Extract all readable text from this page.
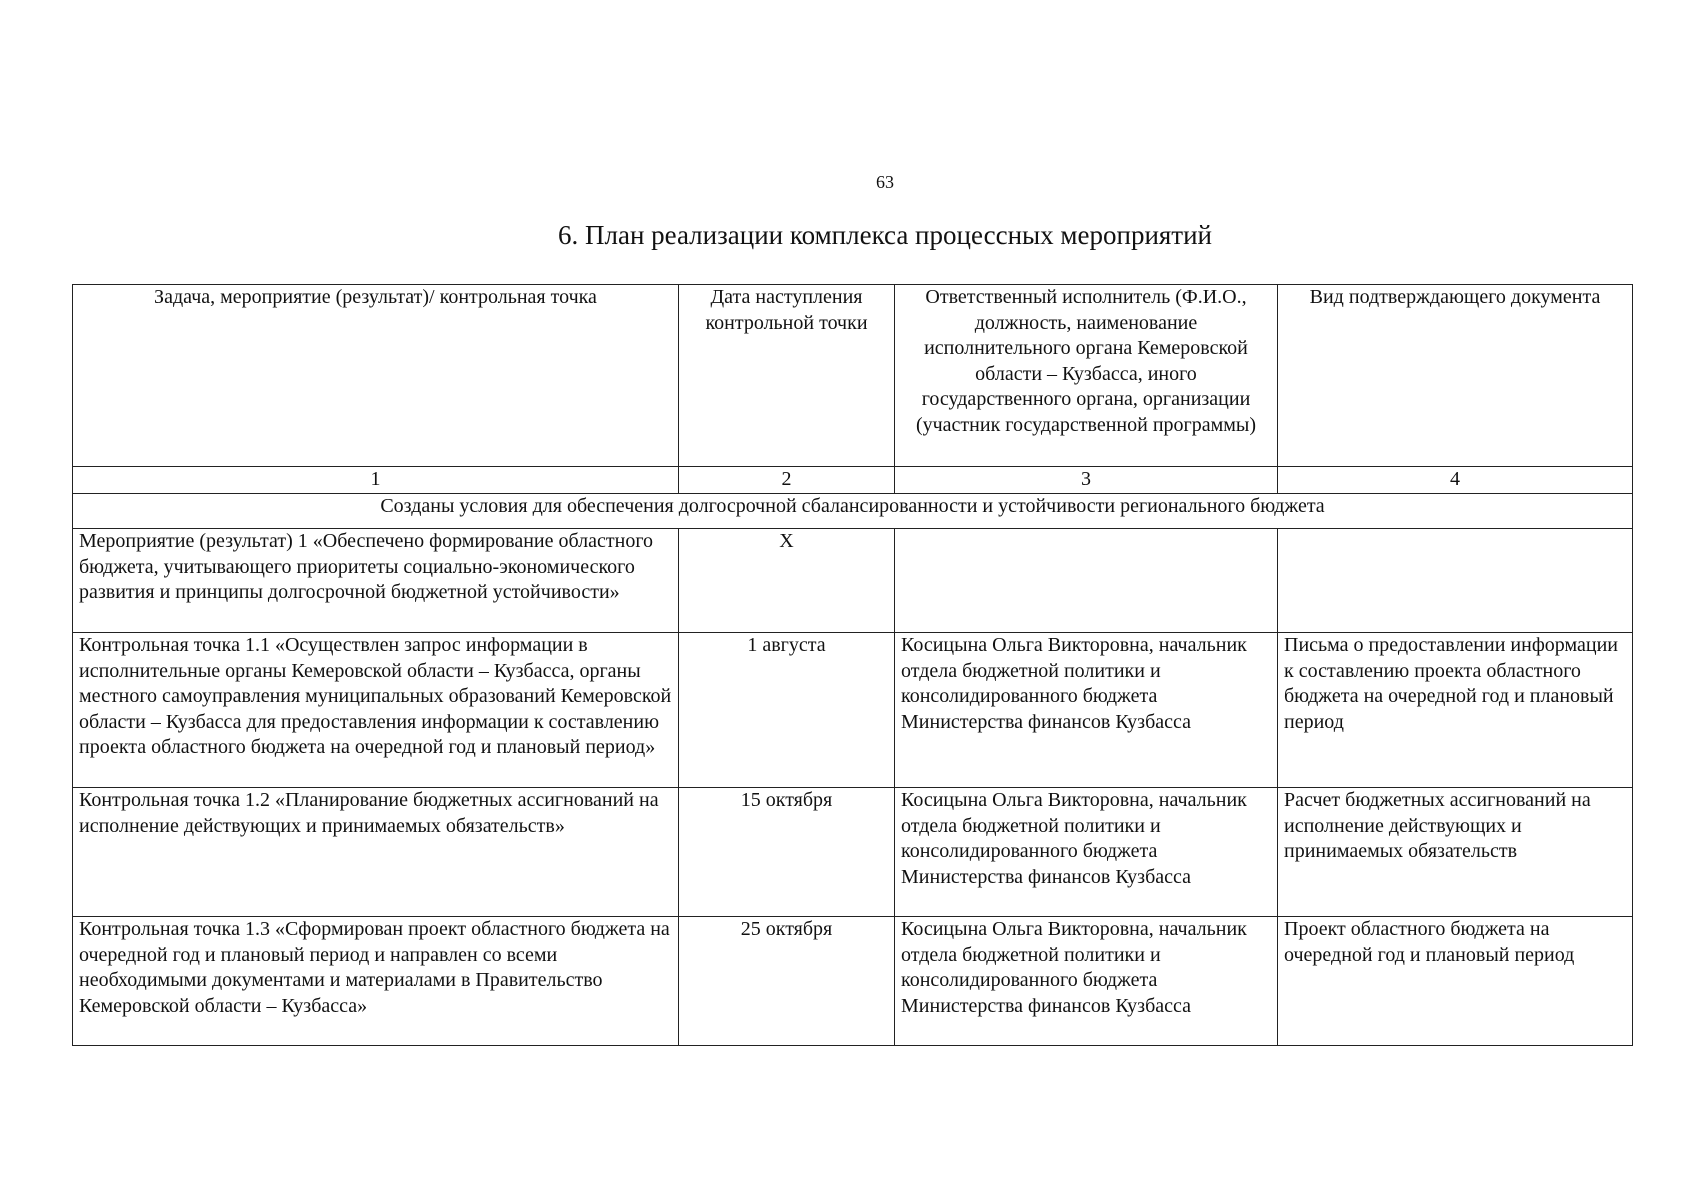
63
6. План реализации комплекса процессных мероприятий
Задача, мероприятие (результат)/ контрольная точка	Дата наступления контрольной точки	Ответственный исполнитель (Ф.И.О., должность, наименование исполнительного органа Кемеровской области – Кузбасса, иного государственного органа, организации (участник государственной программы)	Вид подтверждающего документа
1	2	3	4
Созданы условия для обеспечения долгосрочной сбалансированности и устойчивости регионального бюджета			
Мероприятие (результат) 1 «Обеспечено формирование областного бюджета, учитывающего приоритеты социально-экономического развития и принципы долгосрочной бюджетной устойчивости»	Х		
Контрольная точка 1.1 «Осуществлен запрос информации в исполнительные органы Кемеровской области – Кузбасса, органы местного самоуправления муниципальных образований Кемеровской области – Кузбасса для предоставления информации к составлению проекта областного бюджета на очередной год и плановый период»	1 августа	Косицына Ольга Викторовна, начальник отдела бюджетной политики и консолидированного бюджета Министерства финансов Кузбасса	Письма о предоставлении информации к составлению проекта областного бюджета на очередной год и плановый период
Контрольная точка 1.2 «Планирование бюджетных ассигнований на исполнение действующих и принимаемых обязательств»	15 октября	Косицына Ольга Викторовна, начальник отдела бюджетной политики и консолидированного бюджета Министерства финансов Кузбасса	Расчет бюджетных ассигнований на исполнение действующих и принимаемых обязательств
Контрольная точка 1.3 «Сформирован проект областного бюджета на очередной год и плановый период и направлен со всеми необходимыми документами и материалами в Правительство Кемеровской области – Кузбасса»	25 октября	Косицына Ольга Викторовна, начальник отдела бюджетной политики и консолидированного бюджета Министерства финансов Кузбасса	Проект областного бюджета на очередной год и плановый период
